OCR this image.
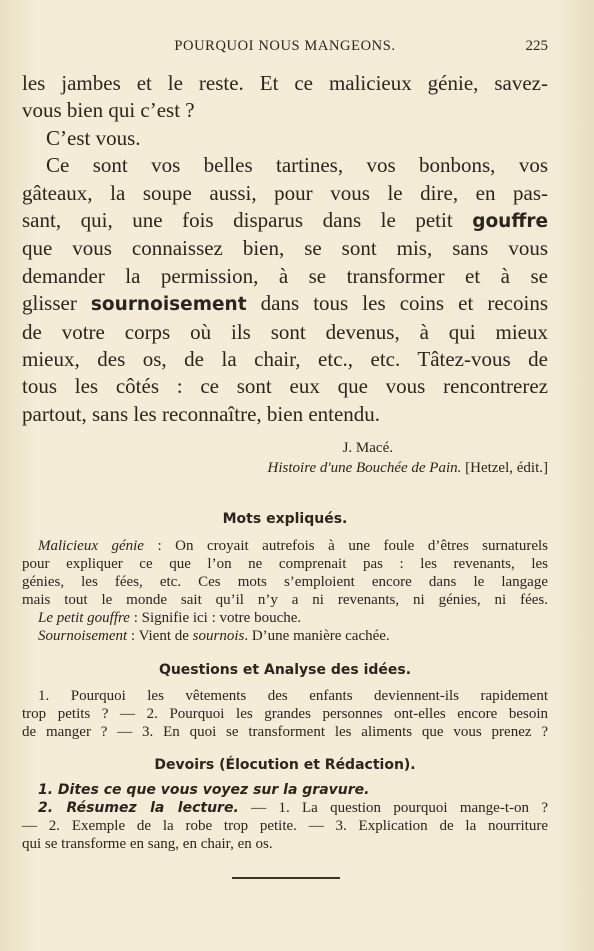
POURQUOI NOUS MANGEONS.	225
les jambes et le reste. Et ce malicieux génie, savez-
vous bien qui c’est ?
C’est vous.
Ce sont vos belles tartines, vos bonbons, vos
gâteaux, la soupe aussi, pour vous le dire, en pas-
sant, qui, une fois disparus dans le petit gouffre
que vous connaissez bien, se sont mis, sans vous
demander la permission, à se transformer et à se
glisser sournoisement dans tous les coins et recoins
de votre corps où ils sont devenus, à qui mieux
mieux, des os, de la chair, etc., etc. Tâtez-vous de
tous les côtés : ce sont eux que vous rencontrerez
partout, sans les reconnaître, bien entendu.
J. Macé.
Histoire d'une Bouchée de Pain. [Hetzel, édit.]
Mots expliqués.
Malicieux génie : On croyait autrefois à une foule d’êtres surnaturels
pour expliquer ce que l’on ne comprenait pas : les revenants, les
génies, les fées, etc. Ces mots s’emploient encore dans le langage
mais tout le monde sait qu’il n’y a ni revenants, ni génies, ni fées.
Le petit gouffre : Signifie ici : votre bouche.
Sournoisement : Vient de sournois. D’une manière cachée.
Questions et Analyse des idées.
1. Pourquoi les vêtements des enfants deviennent-ils rapidement
trop petits ? — 2. Pourquoi les grandes personnes ont-elles encore besoin
de manger ? — 3. En quoi se transforment les aliments que vous prenez ?
Devoirs (Élocution et Rédaction).
1. Dites ce que vous voyez sur la gravure.
2. Résumez la lecture. — 1. La question pourquoi mange-t-on ?
— 2. Exemple de la robe trop petite. — 3. Explication de la nourriture
qui se transforme en sang, en chair, en os.
